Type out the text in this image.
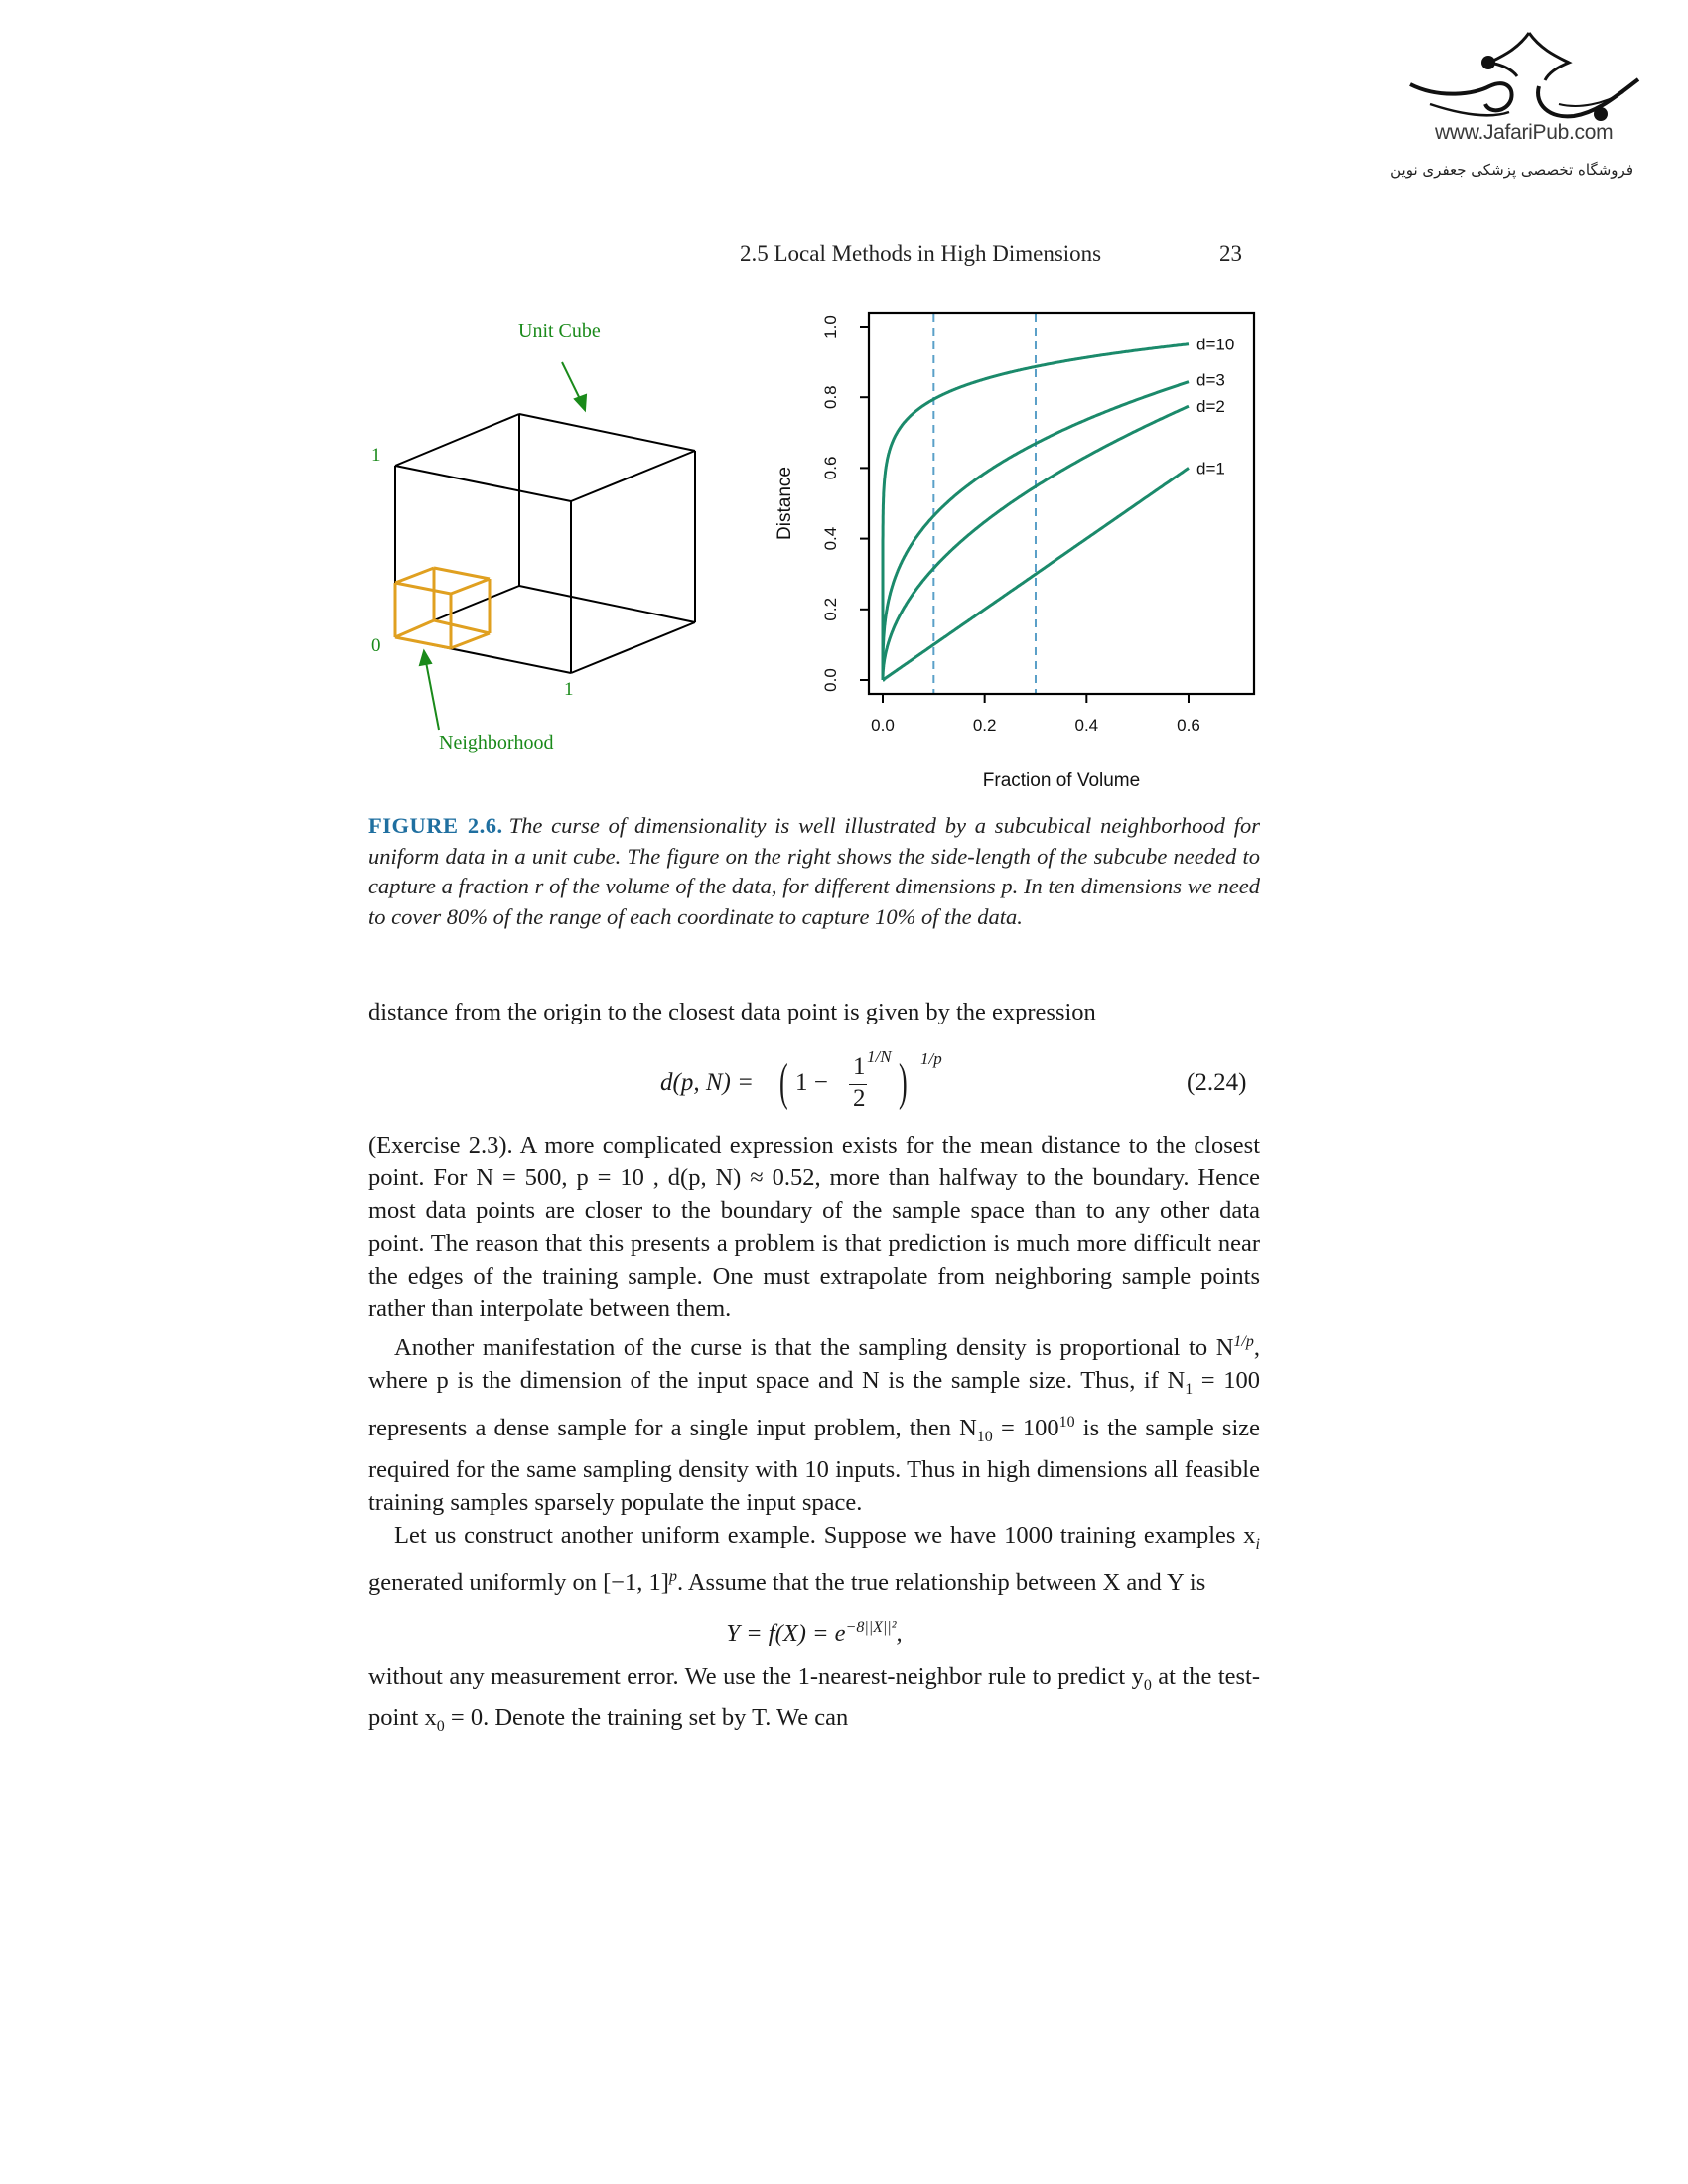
www.JafariPub.com
فروشگاه تخصصی پزشکی جعفری نوین
2.5 Local Methods in High Dimensions	23
Unit Cube
1
0
1
Neighborhood
0.0	0.2	0.4	0.6
0.0
0.2
0.4
0.6
0.8
1.0
d=10
d=3
d=2
d=1
Fraction of Volume
Distance
FIGURE 2.6. The curse of dimensionality is well illustrated by a subcubical neighborhood for uniform data in a unit cube. The figure on the right shows the side-length of the subcube needed to capture a fraction r of the volume of the data, for different dimensions p. In ten dimensions we need to cover 80% of the range of each coordinate to capture 10% of the data.

distance from the origin to the closest data point is given by the expression

d(p, N) = ( 1 −
1
2
1/N ) 1/p
(2.24)

(Exercise 2.3). A more complicated expression exists for the mean distance to the closest point. For N = 500, p = 10 , d(p, N) ≈ 0.52, more than halfway to the boundary. Hence most data points are closer to the boundary of the sample space than to any other data point. The reason that this presents a problem is that prediction is much more difficult near the edges of the training sample. One must extrapolate from neighboring sample points rather than interpolate between them.

Another manifestation of the curse is that the sampling density is proportional to $N^{1/p}$, where p is the dimension of the input space and N is the sample size. Thus, if $N_1 = 100$ represents a dense sample for a single input problem, then $N_{10} = 100^{10}$ is the sample size required for the same sampling density with 10 inputs. Thus in high dimensions all feasible training samples sparsely populate the input space.

Let us construct another uniform example. Suppose we have 1000 training examples $x_i$ generated uniformly on [−1, 1]$^p$. Assume that the true relationship between X and Y is

$Y = f(X) = e^{-8||X||^2}$,

without any measurement error. We use the 1-nearest-neighbor rule to predict $y_0$ at the test-point $x_0 = 0$. Denote the training set by T. We can
